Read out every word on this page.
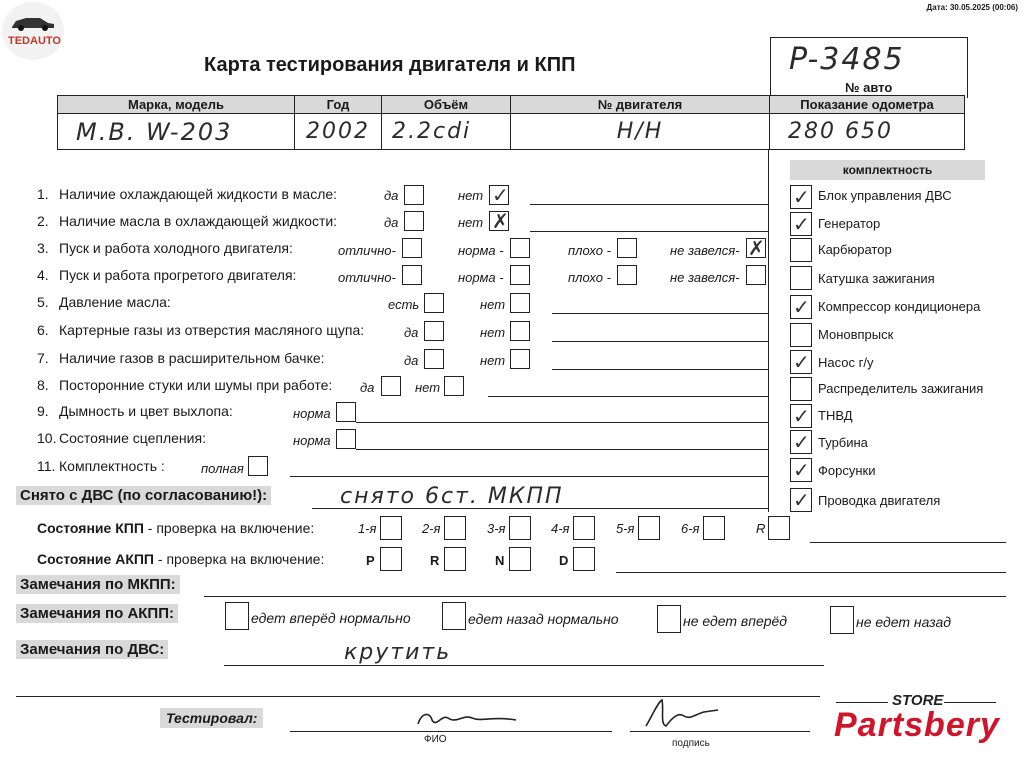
Дата: 30.05.2025 (00:06)
TEDAUTO
Карта тестирования двигателя и КПП	P-3485
№ авто
Марка, модель	Год	Объём	№ двигателя	Показание одометра
M.B. W-203	2002	2.2cdi	H/H	280 650
1. Наличие охлаждающей жидкости в масле:	да	нет ✓
2. Наличие масла в охлаждающей жидкости:	да	нет ✗
3. Пуск и работа холодного двигателя:	отлично-	норма -	плохо -	не завелся- ✗
4. Пуск и работа прогретого двигателя:	отлично-	норма -	плохо -	не завелся-
5. Давление масла:	есть	нет
6. Картерные газы из отверстия масляного щупа:	да	нет
7. Наличие газов в расширительном бачке:	да	нет
8. Посторонние стуки или шумы при работе: да	нет
9. Дымность и цвет выхлопа:	норма
10. Состояние сцепления:	норма
11. Комплектность :	полная
комплектность
✓ Блок управления ДВС
✓ Генератор
Карбюратор
Катушка зажигания
✓ Компрессор кондиционера
Моновпрыск
✓ Насос г/у
Распределитель зажигания
✓ ТНВД
✓ Турбина
✓ Форсунки
✓ Проводка двигателя
Снято с ДВС (по согласованию!):	снято 6ст. МКПП
Состояние КПП - проверка на включение:	1-я	2-я	3-я	4-я	5-я	6-я	R
Состояние АКПП - проверка на включение:	P	R	N	D
Замечания по МКПП:
Замечания по АКПП:	едет вперёд нормально	едет назад нормально	не едет вперёд	не едет назад
Замечания по ДВС:	крутить
Тестировал:
ФИО	подпись
STORE
Partsbery
